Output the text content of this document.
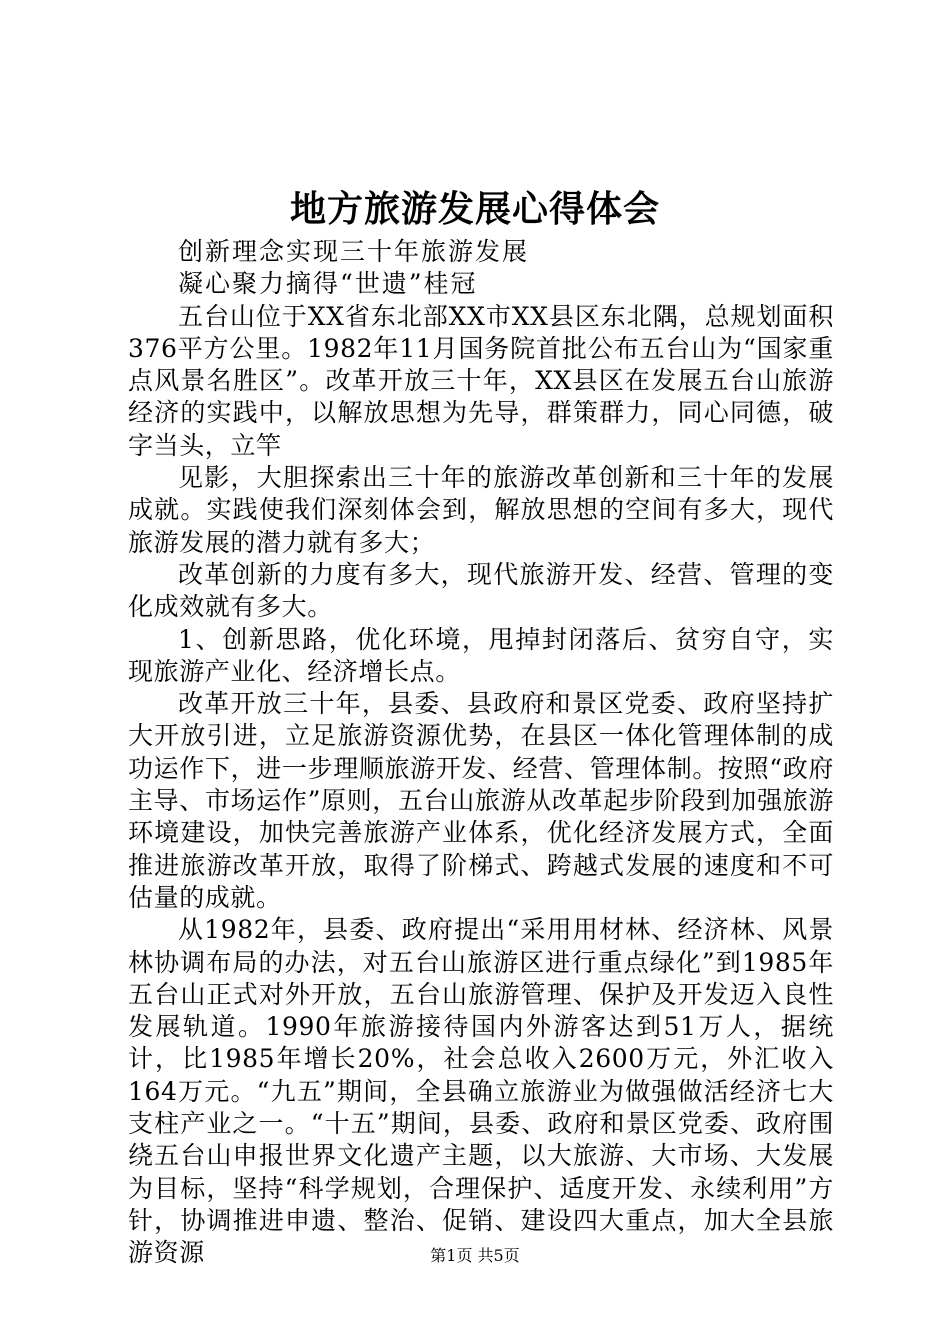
地方旅游发展心得体会

创新理念实现三十年旅游发展

凝心聚力摘得“世遗”桂冠

五台山位于XX省东北部XX市XX县区东北隅，总规划面积376平方公里。1982年11月国务院首批公布五台山为“国家重点风景名胜区”。改革开放三十年，XX县区在发展五台山旅游经济的实践中，以解放思想为先导，群策群力，同心同德，破字当头，立竿

见影，大胆探索出三十年的旅游改革创新和三十年的发展成就。实践使我们深刻体会到，解放思想的空间有多大，现代旅游发展的潜力就有多大；

改革创新的力度有多大，现代旅游开发、经营、管理的变化成效就有多大。

1、创新思路，优化环境，甩掉封闭落后、贫穷自守，实现旅游产业化、经济增长点。

改革开放三十年，县委、县政府和景区党委、政府坚持扩大开放引进，立足旅游资源优势，在县区一体化管理体制的成功运作下，进一步理顺旅游开发、经营、管理体制。按照“政府主导、市场运作”原则，五台山旅游从改革起步阶段到加强旅游环境建设，加快完善旅游产业体系，优化经济发展方式，全面推进旅游改革开放，取得了阶梯式、跨越式发展的速度和不可估量的成就。

从1982年，县委、政府提出“采用用材林、经济林、风景林协调布局的办法，对五台山旅游区进行重点绿化”到1985年五台山正式对外开放，五台山旅游管理、保护及开发迈入良性发展轨道。1990年旅游接待国内外游客达到51万人，据统计，比1985年增长20%，社会总收入2600万元，外汇收入164万元。“九五”期间，全县确立旅游业为做强做活经济七大支柱产业之一。“十五”期间，县委、政府和景区党委、政府围绕五台山申报世界文化遗产主题，以大旅游、大市场、大发展为目标，坚持“科学规划，合理保护、适度开发、永续利用”方针，协调推进申遗、整治、促销、建设四大重点，加大全县旅游资源	第1页 共5页
